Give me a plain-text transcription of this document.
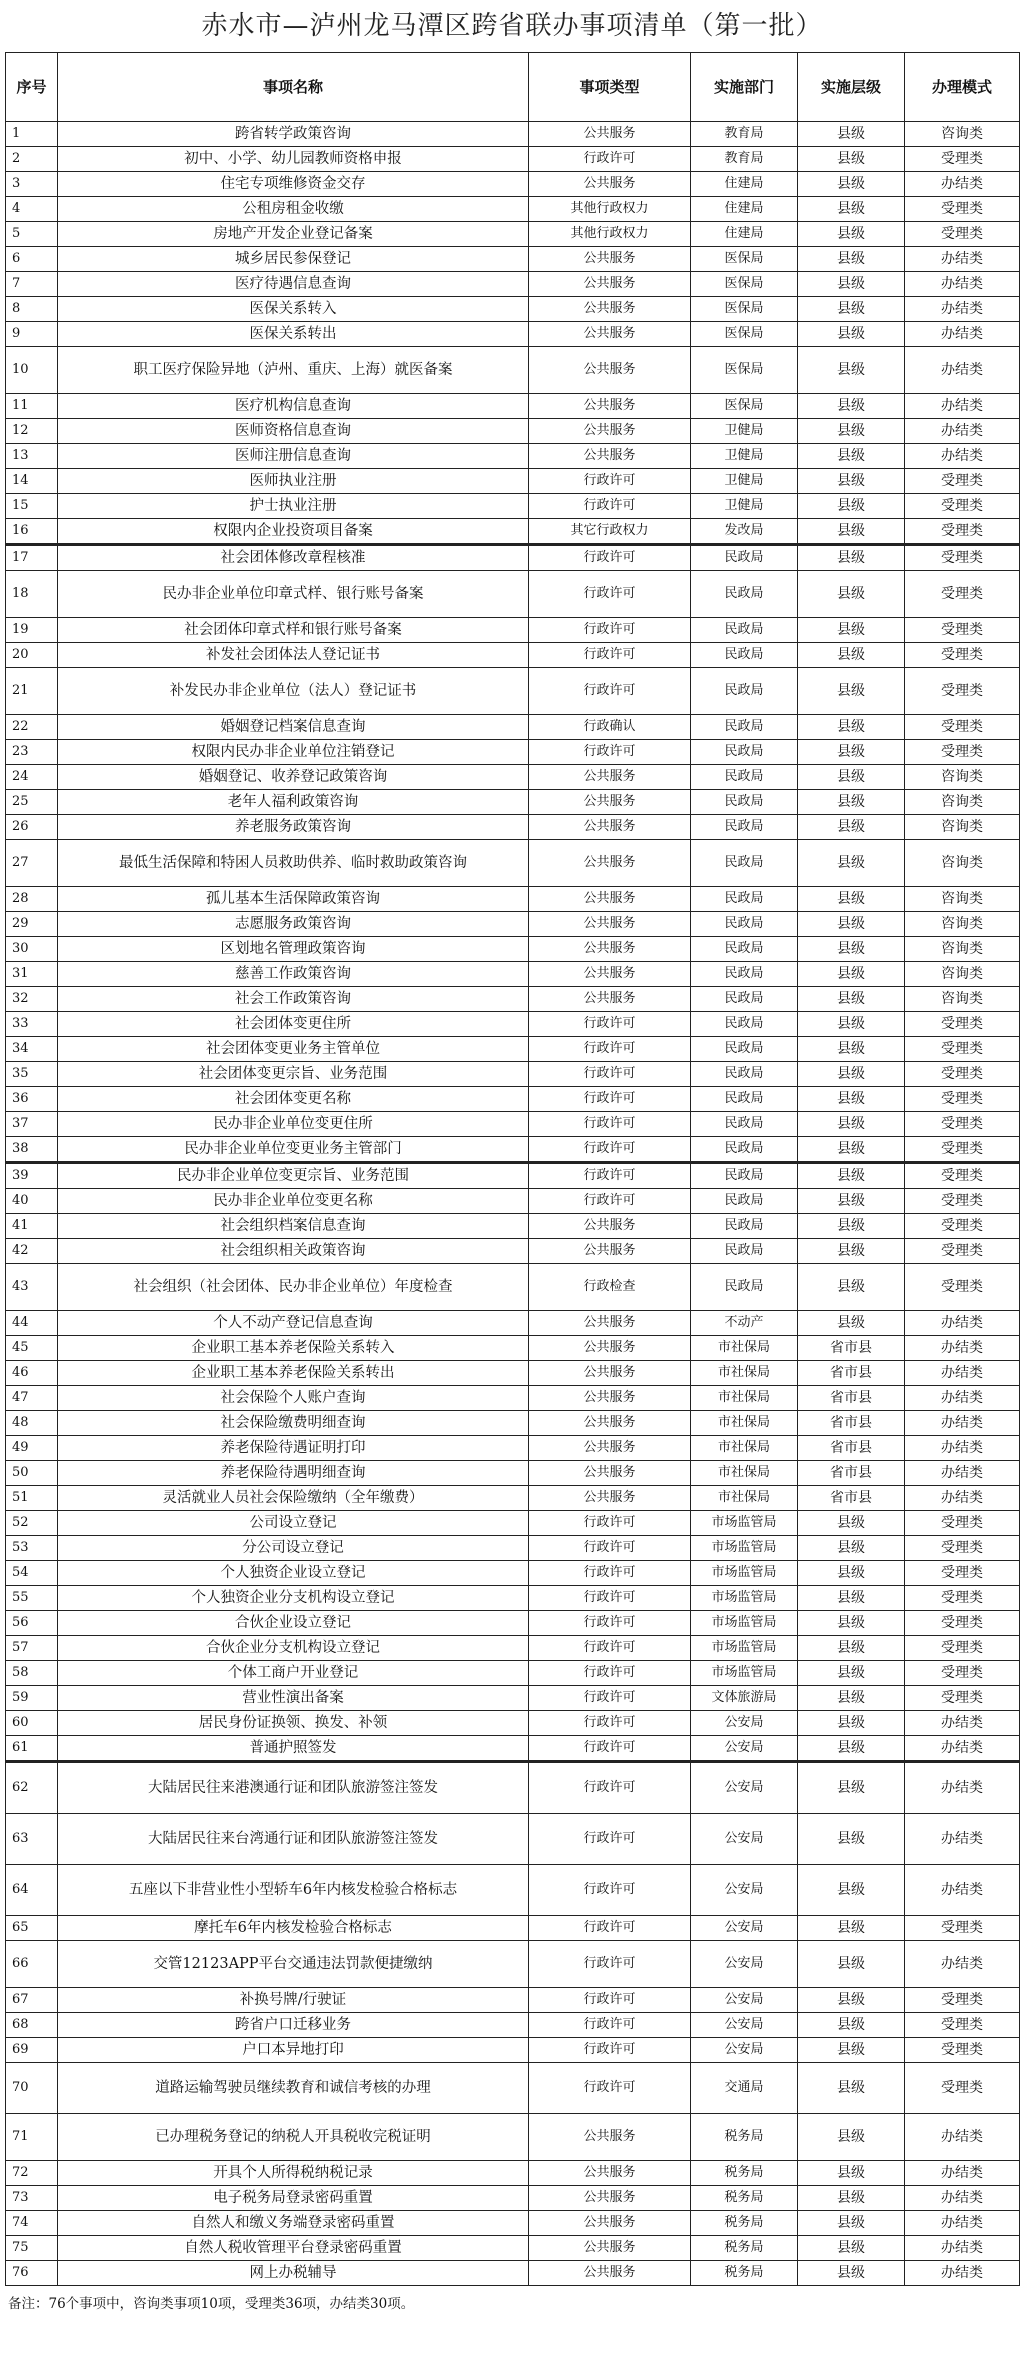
赤水市—泸州龙马潭区跨省联办事项清单（第一批）
序号	事项名称	事项类型	实施部门	实施层级	办理模式
1	跨省转学政策咨询	公共服务	教育局	县级	咨询类
2	初中、小学、幼儿园教师资格申报	行政许可	教育局	县级	受理类
3	住宅专项维修资金交存	公共服务	住建局	县级	办结类
4	公租房租金收缴	其他行政权力	住建局	县级	受理类
5	房地产开发企业登记备案	其他行政权力	住建局	县级	受理类
6	城乡居民参保登记	公共服务	医保局	县级	办结类
7	医疗待遇信息查询	公共服务	医保局	县级	办结类
8	医保关系转入	公共服务	医保局	县级	办结类
9	医保关系转出	公共服务	医保局	县级	办结类
10	职工医疗保险异地（泸州、重庆、上海）就医备案	公共服务	医保局	县级	办结类
11	医疗机构信息查询	公共服务	医保局	县级	办结类
12	医师资格信息查询	公共服务	卫健局	县级	办结类
13	医师注册信息查询	公共服务	卫健局	县级	办结类
14	医师执业注册	行政许可	卫健局	县级	受理类
15	护士执业注册	行政许可	卫健局	县级	受理类
16	权限内企业投资项目备案	其它行政权力	发改局	县级	受理类
17	社会团体修改章程核准	行政许可	民政局	县级	受理类
18	民办非企业单位印章式样、银行账号备案	行政许可	民政局	县级	受理类
19	社会团体印章式样和银行账号备案	行政许可	民政局	县级	受理类
20	补发社会团体法人登记证书	行政许可	民政局	县级	受理类
21	补发民办非企业单位（法人）登记证书	行政许可	民政局	县级	受理类
22	婚姻登记档案信息查询	行政确认	民政局	县级	受理类
23	权限内民办非企业单位注销登记	行政许可	民政局	县级	受理类
24	婚姻登记、收养登记政策咨询	公共服务	民政局	县级	咨询类
25	老年人福利政策咨询	公共服务	民政局	县级	咨询类
26	养老服务政策咨询	公共服务	民政局	县级	咨询类
27	最低生活保障和特困人员救助供养、临时救助政策咨询	公共服务	民政局	县级	咨询类
28	孤儿基本生活保障政策咨询	公共服务	民政局	县级	咨询类
29	志愿服务政策咨询	公共服务	民政局	县级	咨询类
30	区划地名管理政策咨询	公共服务	民政局	县级	咨询类
31	慈善工作政策咨询	公共服务	民政局	县级	咨询类
32	社会工作政策咨询	公共服务	民政局	县级	咨询类
33	社会团体变更住所	行政许可	民政局	县级	受理类
34	社会团体变更业务主管单位	行政许可	民政局	县级	受理类
35	社会团体变更宗旨、业务范围	行政许可	民政局	县级	受理类
36	社会团体变更名称	行政许可	民政局	县级	受理类
37	民办非企业单位变更住所	行政许可	民政局	县级	受理类
38	民办非企业单位变更业务主管部门	行政许可	民政局	县级	受理类
39	民办非企业单位变更宗旨、业务范围	行政许可	民政局	县级	受理类
40	民办非企业单位变更名称	行政许可	民政局	县级	受理类
41	社会组织档案信息查询	公共服务	民政局	县级	受理类
42	社会组织相关政策咨询	公共服务	民政局	县级	受理类
43	社会组织（社会团体、民办非企业单位）年度检查	行政检查	民政局	县级	受理类
44	个人不动产登记信息查询	公共服务	不动产	县级	办结类
45	企业职工基本养老保险关系转入	公共服务	市社保局	省市县	办结类
46	企业职工基本养老保险关系转出	公共服务	市社保局	省市县	办结类
47	社会保险个人账户查询	公共服务	市社保局	省市县	办结类
48	社会保险缴费明细查询	公共服务	市社保局	省市县	办结类
49	养老保险待遇证明打印	公共服务	市社保局	省市县	办结类
50	养老保险待遇明细查询	公共服务	市社保局	省市县	办结类
51	灵活就业人员社会保险缴纳（全年缴费）	公共服务	市社保局	省市县	办结类
52	公司设立登记	行政许可	市场监管局	县级	受理类
53	分公司设立登记	行政许可	市场监管局	县级	受理类
54	个人独资企业设立登记	行政许可	市场监管局	县级	受理类
55	个人独资企业分支机构设立登记	行政许可	市场监管局	县级	受理类
56	合伙企业设立登记	行政许可	市场监管局	县级	受理类
57	合伙企业分支机构设立登记	行政许可	市场监管局	县级	受理类
58	个体工商户开业登记	行政许可	市场监管局	县级	受理类
59	营业性演出备案	行政许可	文体旅游局	县级	受理类
60	居民身份证换领、换发、补领	行政许可	公安局	县级	办结类
61	普通护照签发	行政许可	公安局	县级	办结类
62	大陆居民往来港澳通行证和团队旅游签注签发	行政许可	公安局	县级	办结类
63	大陆居民往来台湾通行证和团队旅游签注签发	行政许可	公安局	县级	办结类
64	五座以下非营业性小型轿车6年内核发检验合格标志	行政许可	公安局	县级	办结类
65	摩托车6年内核发检验合格标志	行政许可	公安局	县级	受理类
66	交管12123APP平台交通违法罚款便捷缴纳	行政许可	公安局	县级	办结类
67	补换号牌/行驶证	行政许可	公安局	县级	受理类
68	跨省户口迁移业务	行政许可	公安局	县级	受理类
69	户口本异地打印	行政许可	公安局	县级	受理类
70	道路运输驾驶员继续教育和诚信考核的办理	行政许可	交通局	县级	受理类
71	已办理税务登记的纳税人开具税收完税证明	公共服务	税务局	县级	办结类
72	开具个人所得税纳税记录	公共服务	税务局	县级	办结类
73	电子税务局登录密码重置	公共服务	税务局	县级	办结类
74	自然人和缴义务端登录密码重置	公共服务	税务局	县级	办结类
75	自然人税收管理平台登录密码重置	公共服务	税务局	县级	办结类
76	网上办税辅导	公共服务	税务局	县级	办结类
备注：76个事项中，咨询类事项10项，受理类36项，办结类30项。
